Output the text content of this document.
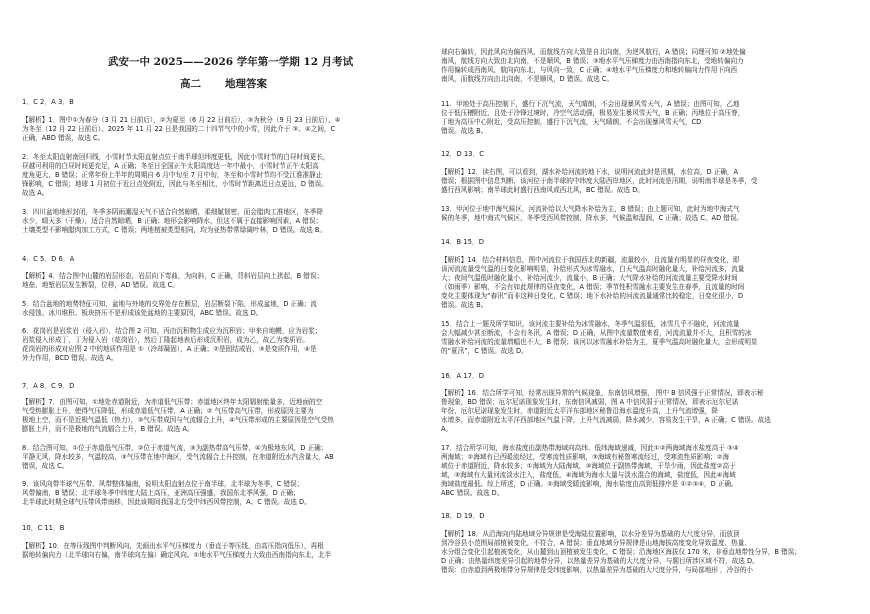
武安一中 2025——2026 学年第一学期 12 月考试
高二 地理答案
1．C 2．A 3．B
【解析】1．图中①为春分（3 月 21 日前后），②为夏至（6 月 22 日前后），③为秋分（9 月 23 日前后），④
为冬至（12 月 22 日前后）。2025 年 11 月 22 日是我国的二十四节气中的小雪，因此介于 ③、④之间，C
正确，ABD 错误，故选 C。
2．冬至太阳直射南回归线，小雪时节太阳直射点位于南半球但纬度更低，因此小雪时节的白昼时间更长，
昼越可利用的白昼时间更充足，A 正确；冬至日全国正午太阳高度达一年中最小，小雪时节正午太阳高
度角更大，B 错误；正常年份上半年的周期自 6 月中旬至 7 月中旬，冬至和小雪时节均不受江淮准静止
锋影响，C 错误；地球 1 月初位于近日点处附近，因此与冬至相比，小雪时节距离近日点更远，D 错误。
故选 A。
3．四川盆地地形封闭，冬季多阴雨潮湿天气不适合自然晾晒，柔细腻韧密，而会腊肉工准地区，冬季降
水少，晴天多（干燥），适合自然晾晒，B 正确；地形会影响降水，但这不属于直接影响因素，A 错误；
土壤类型不影响腊肉加工方式，C 错误；两地植被类型相同，均为亚热带常绿阔叶林，D 错误。故选 B。
4．C 5．D 6．A
【解析】4．结合图中山麓的岩层形态，岩层向下弯曲，为向斜，C 正确，背斜岩层向上拱起，B 错误；
地垒、地堑岩层发生断裂，位移，AD 错误。故选 C。
5．结合盆地的地势特征可知，盆地与外地的交界处存在断层，岩层断裂下陷，形成盆地，D 正确；流
水侵蚀、冰川堆积、板块挤压不是形成该处盆地的主要原因，ABC 错误。故选 D。
6．花岗岩是岩浆岩（侵入岩），结合图 2 可知，丙由沉积物生成应为沉积岩；甲来自地幔，应为岩浆；
岩浆侵入形成丁，丁为侵入岩（花岗岩），然后丁隆起地表后形成沉积岩，成为乙，故乙为变质岩。
花岗岩的形成对应图 2 中的地质作用是 ①（冷却凝固），A 正确；②是固结成岩，③是变质作用，④是
外力作用，BCD 错误。故选 A。
7．A 8．C 9．D
【解析】7．由图可知，①地处赤道附近，为赤道低气压带；赤道地区终年太阳辐射能量多，近地面的空
气受热膨胀上升，使得气压降低，形成赤道低气压带，A 正确；② 气压带高气压带，形成原因主要为
极地上空，而不是近极气温低（热力），③气压带成因与气流辐合上升，④气压带形成的主要原因是空气受热
膨胀上升，而不是极地的气流辐合上升，B 错误。故选 A。
8．结合图可知，①位于赤道低气压带，②位于赤道气流，③为副热带高气压带，④为极地东风，D 正确；
平静无风，降水较多，气温较高，③气压带在地中海区，受气流辐合上升控制，在赤道附近水汽含量大，AB
错误，故选 C。
9．该风向带半球气压带、风带整体偏南，说明太阳直射点位于南半球，北半球为冬季，C 错误；
风带偏南，B 错误；北半球冬季中纬度大陆上高压，亚洲高压强盛，我国东北季风强，D 正确；
北半球此时期全球气压带风带南移，因此该期间我国北方受中纬西风带控制，A、C 错误。故选 D。
10．C 11．B
【解析】10．在等压线图中判断风向，先画出水平气压梯度力（垂直于等压线，由高压指向低压），再根
据地转偏向力（北半球向右偏，南半球向左偏）确定风向。①地水平气压梯度力大致由西南指向东北，北半
球向右偏转，因此风向为偏西风，而航线方向大致是自北向南，为逆风航行，A 错误；同理可知 ②地处偏
南风，航线方向大致由北向南，不是顺风，B 错误；③地水平气压梯度力由西南指向东北，受地转偏向力
作用偏转成西南风，航向向东北，与风向一致，C 正确；④地水平气压梯度力和地转偏向力作用下向西
南风，而航线方向由北向南，不是顺风，D 错误。故选 C。
11．甲地处于高压控制下，盛行下沉气流，天气晴朗，不会出现暴风雪天气，A 错误；由图可知，乙地
位于低压槽附近，且处于冷锋过境时，冷空气活动强，极易发生暴风雪天气，B 正确；丙地位于高压脊，
丁地为高压中心附近，受高压控制，盛行下沉气流，天气晴朗，不会出现暴风雪天气，CD
错误。故选 B。
12．D 13．C
【解析】12．读右图，可以看到，湖水补给河流的地下水，说明河流此时是汛期，水位高，D 正确，A
错误；根据图中信息判断，该河位于南半球的中纬度大陆西岸地区，此时河流是汛期，说明南半球是冬季，受
盛行西风影响；南半球此时盛行西南风或西北风，BC 错误。故选 D。
13．甲河位于地中海气候区，河流补给以大气降水补给为主，B 错误；由上题可知，此时为地中海式气
候的冬季，地中海式气候区，冬季受西风带控制，降水多，气候温和湿润，C 正确；故选 C，AD 错误。
14．B 15．D
【解析】14．结合材料信息，图中河流位于我国西北的新疆，流量较小，且流量有明显的昼夜变化，即
该河流流量受气温的日变化影响明显，补给形式为冰雪融水，白天气温高时融化量大，补给河流多，流量
大；夜间气温低时融化量小，补给河流少，流量小，B 正确；大气降水补给的河流流量主要受降水时间
（如雨季）影响，不会有如此规律的昼夜变化，A 错误；季节性积雪融水主要发生在春季，且流量的时间
变化主要体现为“春汛”而非这种日变化，C 错误；地下水补给的河流流量通常比较稳定，日变化很小，D
错误。故选 B。
15．结合上一题及所学知识，该河流主要补给为冰雪融水，冬季气温很低，冰雪几乎不融化，河流流量
会大幅减少甚至断流，不会有冬汛，A 错误；D 正确，从图中流量数值来看，河流流量并不大，且积雪的冰
雪融水补给河流的流量增幅也不大，B 错误；该河以冰雪融水补给为主，夏季气温高时融化量大，会形成明显
的“夏汛”，C 错误。故选 D。
16．A 17．D
【解析】16．结合所学可知，经常出现异常的气候现象，东南信风增强， 图中 B 信风强于正常情况，即表示秘
鲁现象，BD 错误；厄尔尼诺现象发生时，东南信风减弱，图 A 中信风弱于正常情况，即表示厄尔尼诺
年份，厄尔尼诺现象发生时，赤道附近太平洋东部地区秘鲁沿海水温度升高，上升气流增强，降
水增多，而赤道附近太平洋西部地区气温下降，上升气流减弱，降水减少，容易发生干旱，A 正确；C 错误。故选
A。
17．结合所学可知，海水盐度由副热带海域向高纬、低纬海域递减，因此①②两海域海水盐度高于 ③④
两海域；②海域有已西暖流经过，受寒流性质影响，③海域有秘鲁寒流经过，受寒流性质影响；②海
域位于赤道附近，降水较多；①海域为大陆海域，③海域位于副热带海域，干旱少雨，因此盐度②高于
域，③海域有大量河流淡水注入，盐度低，④海域为海水大量与淡水混合的海域，盐度低，因此④海域
海域盐度最低。综上所述，D 正确。②海域受暖流影响，海水盐度由高到低排序是 ①②③④，D 正确。
ABC 错误。故选 D。
18．D 19．D
【解析】18．从沿海向内陆地域分异规律是受海陆位置影响，以水分差异为基础的大尺度分异，而放顶
到冷谷县小范围局部植被变化，不符合，A 错误；垂直地域分异规律是山地海拔高度变化导致温度、热量、
水分组合变化引起植被变化，从山麓到山顶植被发生变化，C 错误；沿海地区海拔仅 170 米，非垂直地带性分异，B 错误；
D 正确；由热量纬度差异引起的地带分异，以热量差异为基础的大尺度分异，与题目所涉区域不符，故选 D。
错误：由赤道到两极地带分异规律是受纬度影响，以热量差异为基础的大尺度分异，与局部地形 ，冷谷的小
